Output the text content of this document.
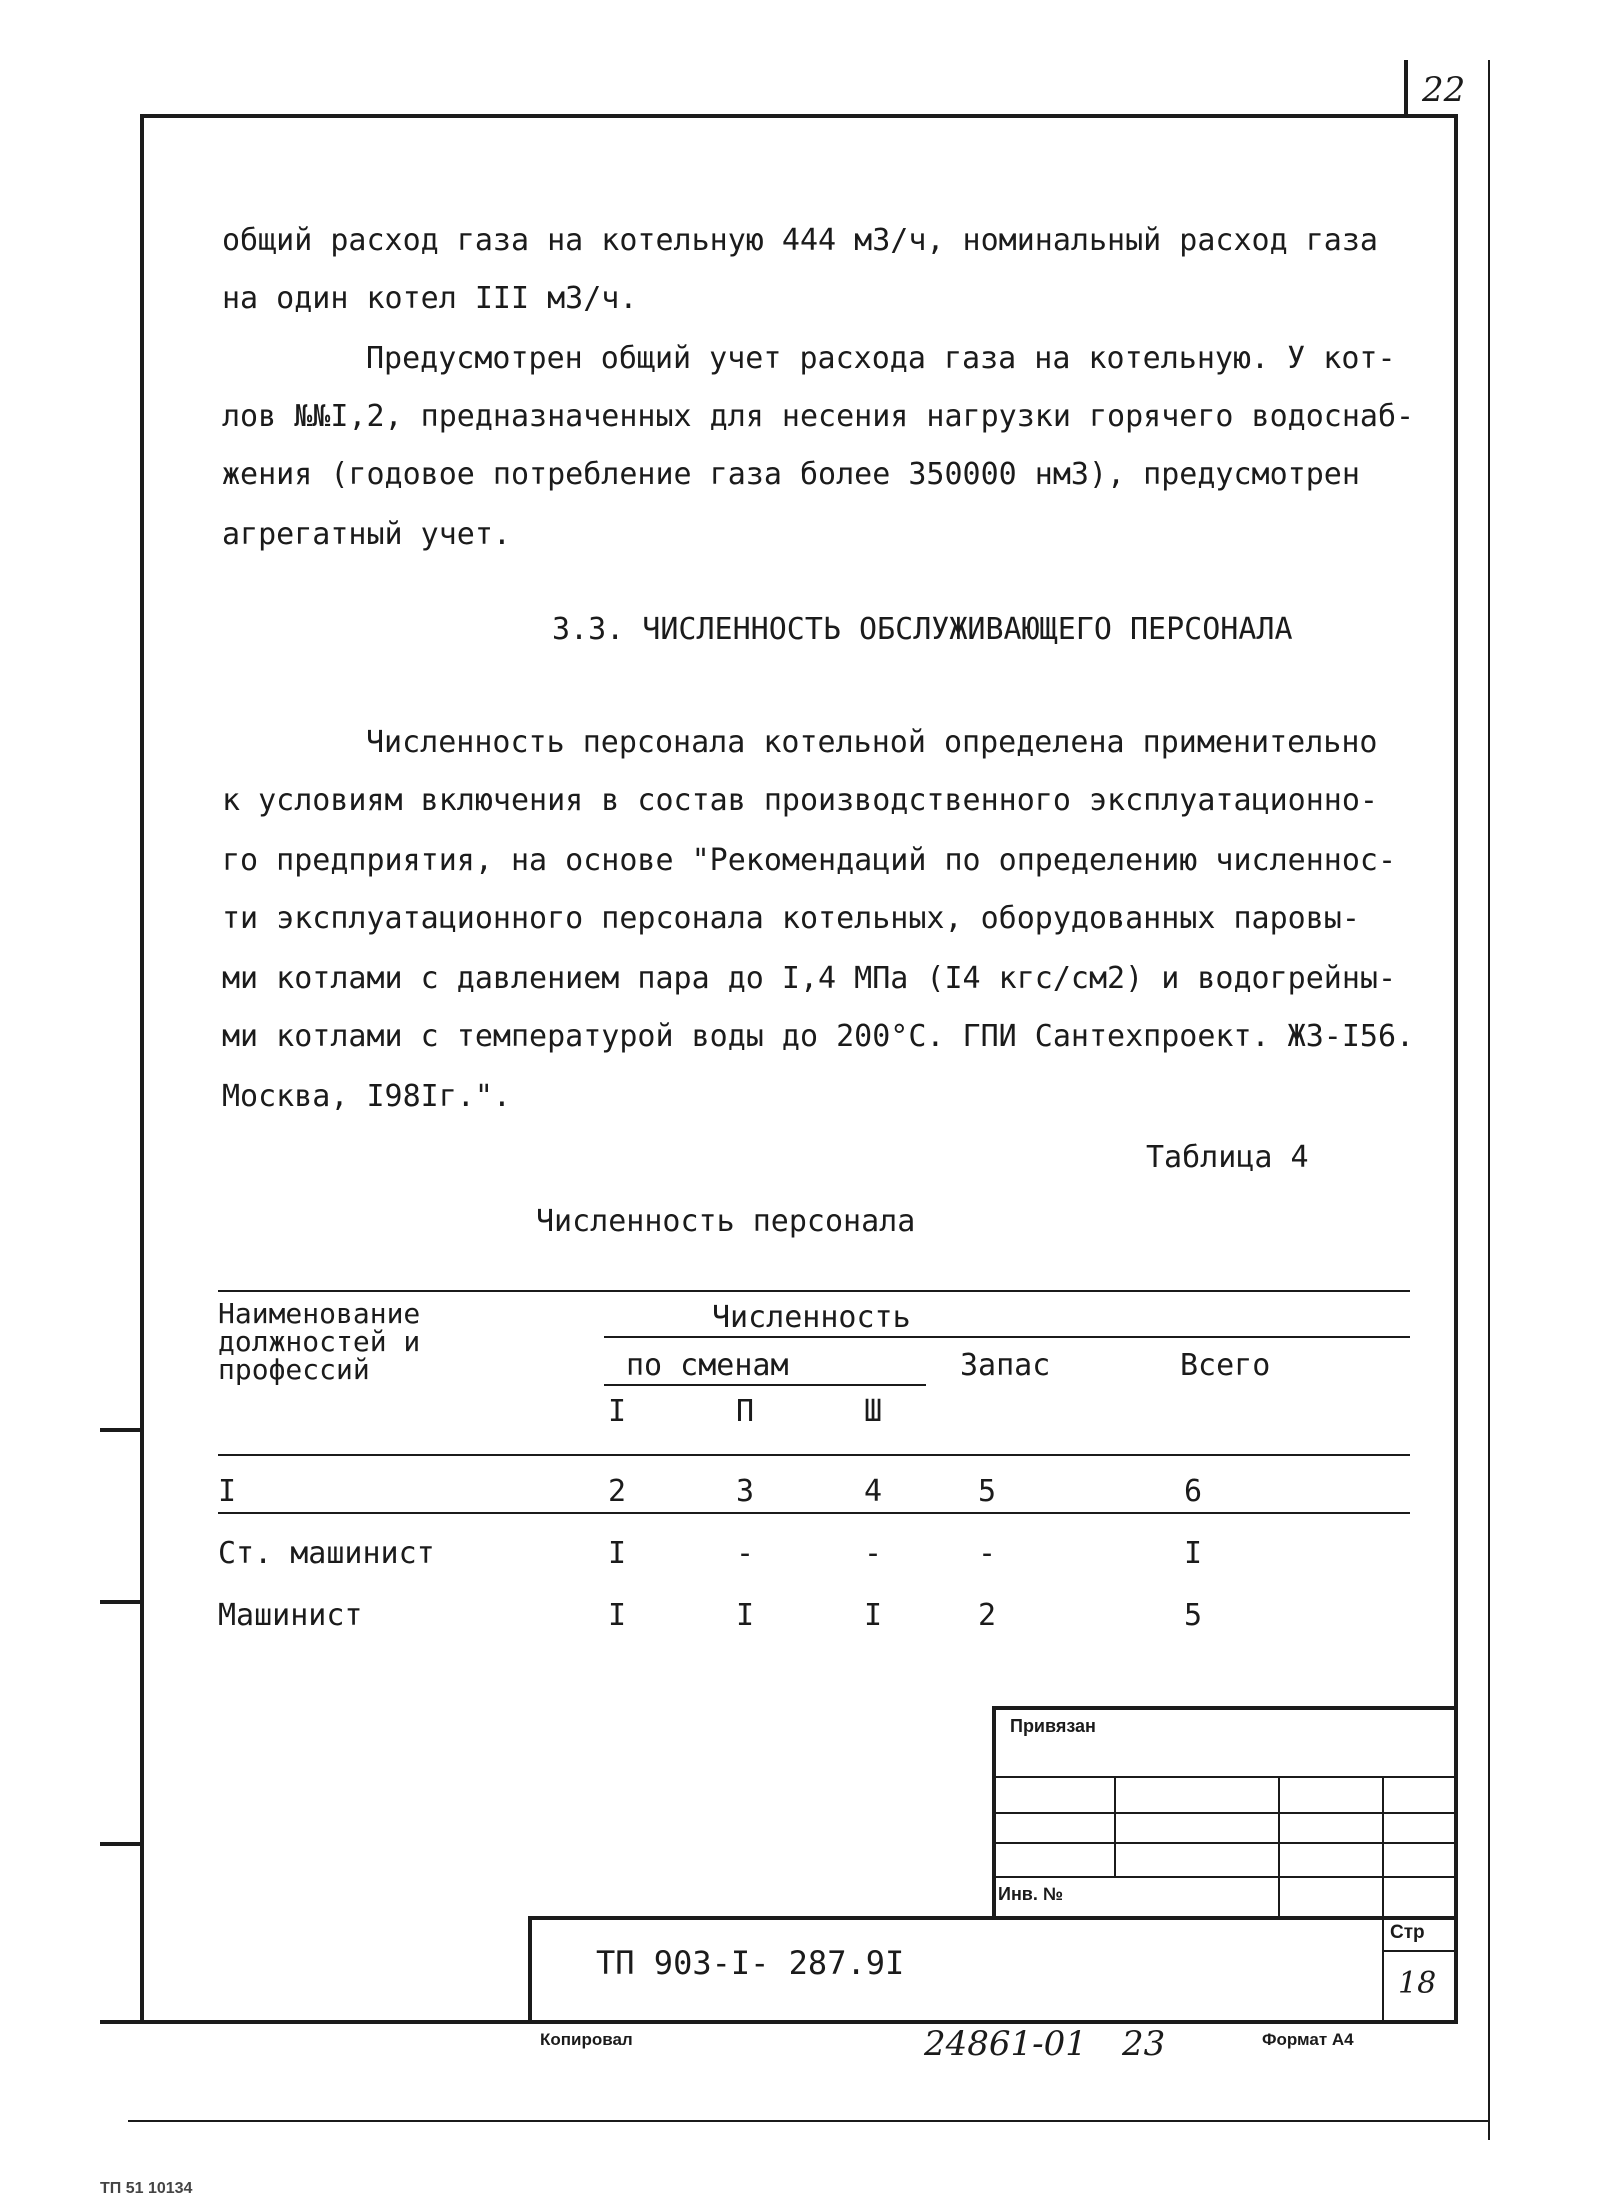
22
общий расход газа на котельную 444 м3/ч, номинальный расход газа
на один котел III м3/ч.
Предусмотрен общий учет расхода газа на котельную. У кот-
лов №№I,2, предназначенных для несения нагрузки горячего водоснаб-
жения (годовое потребление газа более 350000 нм3), предусмотрен
агрегатный учет.
3.3. ЧИСЛЕННОСТЬ ОБСЛУЖИВАЮЩЕГО ПЕРСОНАЛА
Численность персонала котельной определена применительно
к условиям включения в состав производственного эксплуатационно-
го предприятия, на основе "Рекомендаций по определению численнос-
ти эксплуатационного персонала котельных, оборудованных паровы-
ми котлами с давлением пара до I,4 МПа (I4 кгс/см2) и водогрейны-
ми котлами с температурой воды до 200°С. ГПИ Сантехпроект. ЖЗ-I56.
Москва, I98Iг.".
Таблица 4
Численность персонала
Наименование
должностей и
профессий
Численность
по сменам	Запас	Всего
I	П	Ш
I	2	3	4	5	6
Ст. машинист	I	-	-	-	I
Машинист	I	I	I	2	5
Привязан
Инв. №
Стр
18
ТП 903-I- 287.9I
Копировал	24861-01 23	Формат А4
ТП 51 10134
